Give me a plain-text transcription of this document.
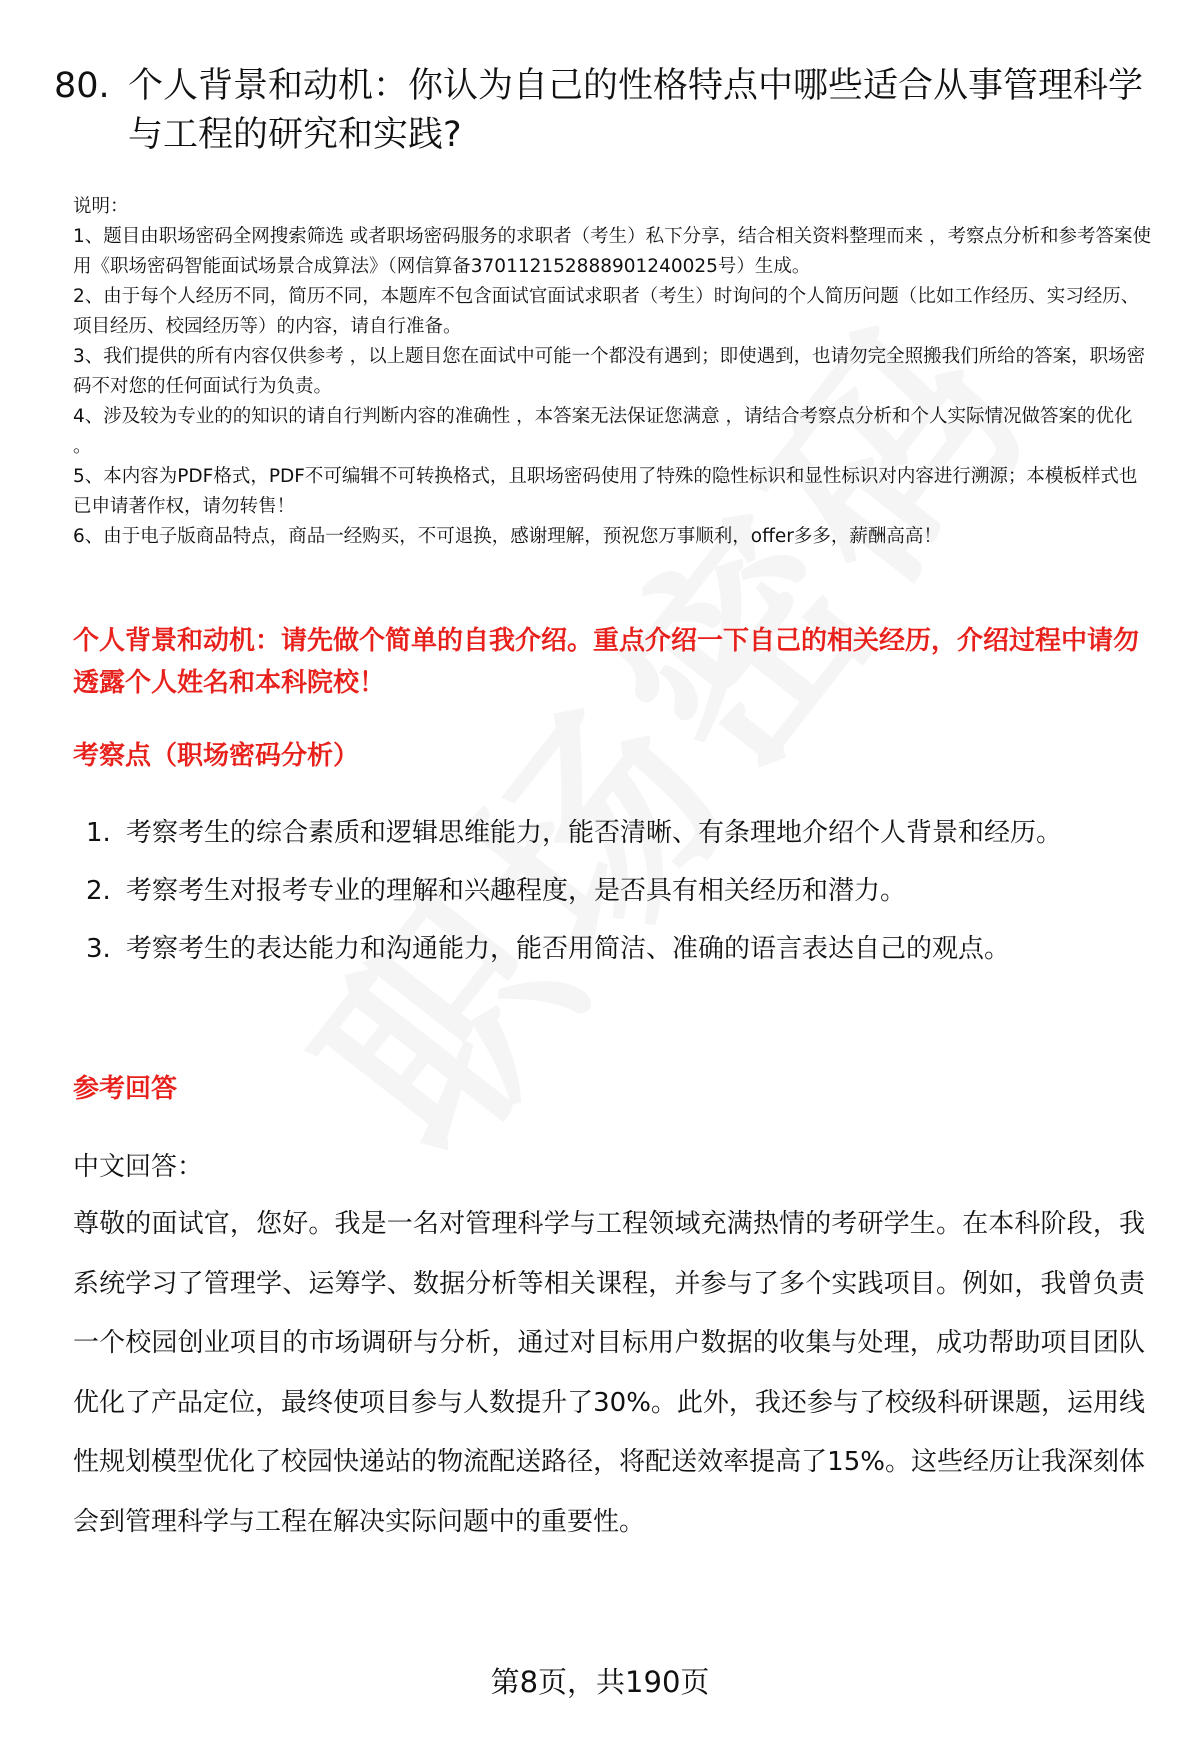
80. 个人背景和动机：你认为自己的性格特点中哪些适合从事管理科学与工程的研究和实践?
说明：
1、题目由职场密码全网搜索筛选 或者职场密码服务的求职者（考生）私下分享，结合相关资料整理而来 ，考察点分析和参考答案使用《职场密码智能面试场景合成算法》（网信算备370112152888901240025号）生成。
2、由于每个人经历不同，简历不同，本题库不包含面试官面试求职者（考生）时询问的个人简历问题（比如工作经历、实习经历、项目经历、校园经历等）的内容，请自行准备。
3、我们提供的所有内容仅供参考 ，以上题目您在面试中可能一个都没有遇到；即使遇到，也请勿完全照搬我们所给的答案，职场密码不对您的任何面试行为负责。
4、涉及较为专业的的知识的请自行判断内容的准确性 ，本答案无法保证您满意 ，请结合考察点分析和个人实际情况做答案的优化 。
5、本内容为PDF格式，PDF不可编辑不可转换格式，且职场密码使用了特殊的隐性标识和显性标识对内容进行溯源；本模板样式也已申请著作权，请勿转售！
6、由于电子版商品特点，商品一经购买，不可退换，感谢理解，预祝您万事顺利，offer多多，薪酬高高！
个人背景和动机：请先做个简单的自我介绍。重点介绍一下自己的相关经历，介绍过程中请勿透露个人姓名和本科院校！
考察点（职场密码分析）
1. 考察考生的综合素质和逻辑思维能力，能否清晰、有条理地介绍个人背景和经历。
2. 考察考生对报考专业的理解和兴趣程度，是否具有相关经历和潜力。
3. 考察考生的表达能力和沟通能力，能否用简洁、准确的语言表达自己的观点。
参考回答
中文回答：
尊敬的面试官，您好。我是一名对管理科学与工程领域充满热情的考研学生。在本科阶段，我系统学习了管理学、运筹学、数据分析等相关课程，并参与了多个实践项目。例如，我曾负责一个校园创业项目的市场调研与分析，通过对目标用户数据的收集与处理，成功帮助项目团队优化了产品定位，最终使项目参与人数提升了30%。此外，我还参与了校级科研课题，运用线性规划模型优化了校园快递站的物流配送路径，将配送效率提高了15%。这些经历让我深刻体会到管理科学与工程在解决实际问题中的重要性。
第8页，共190页
